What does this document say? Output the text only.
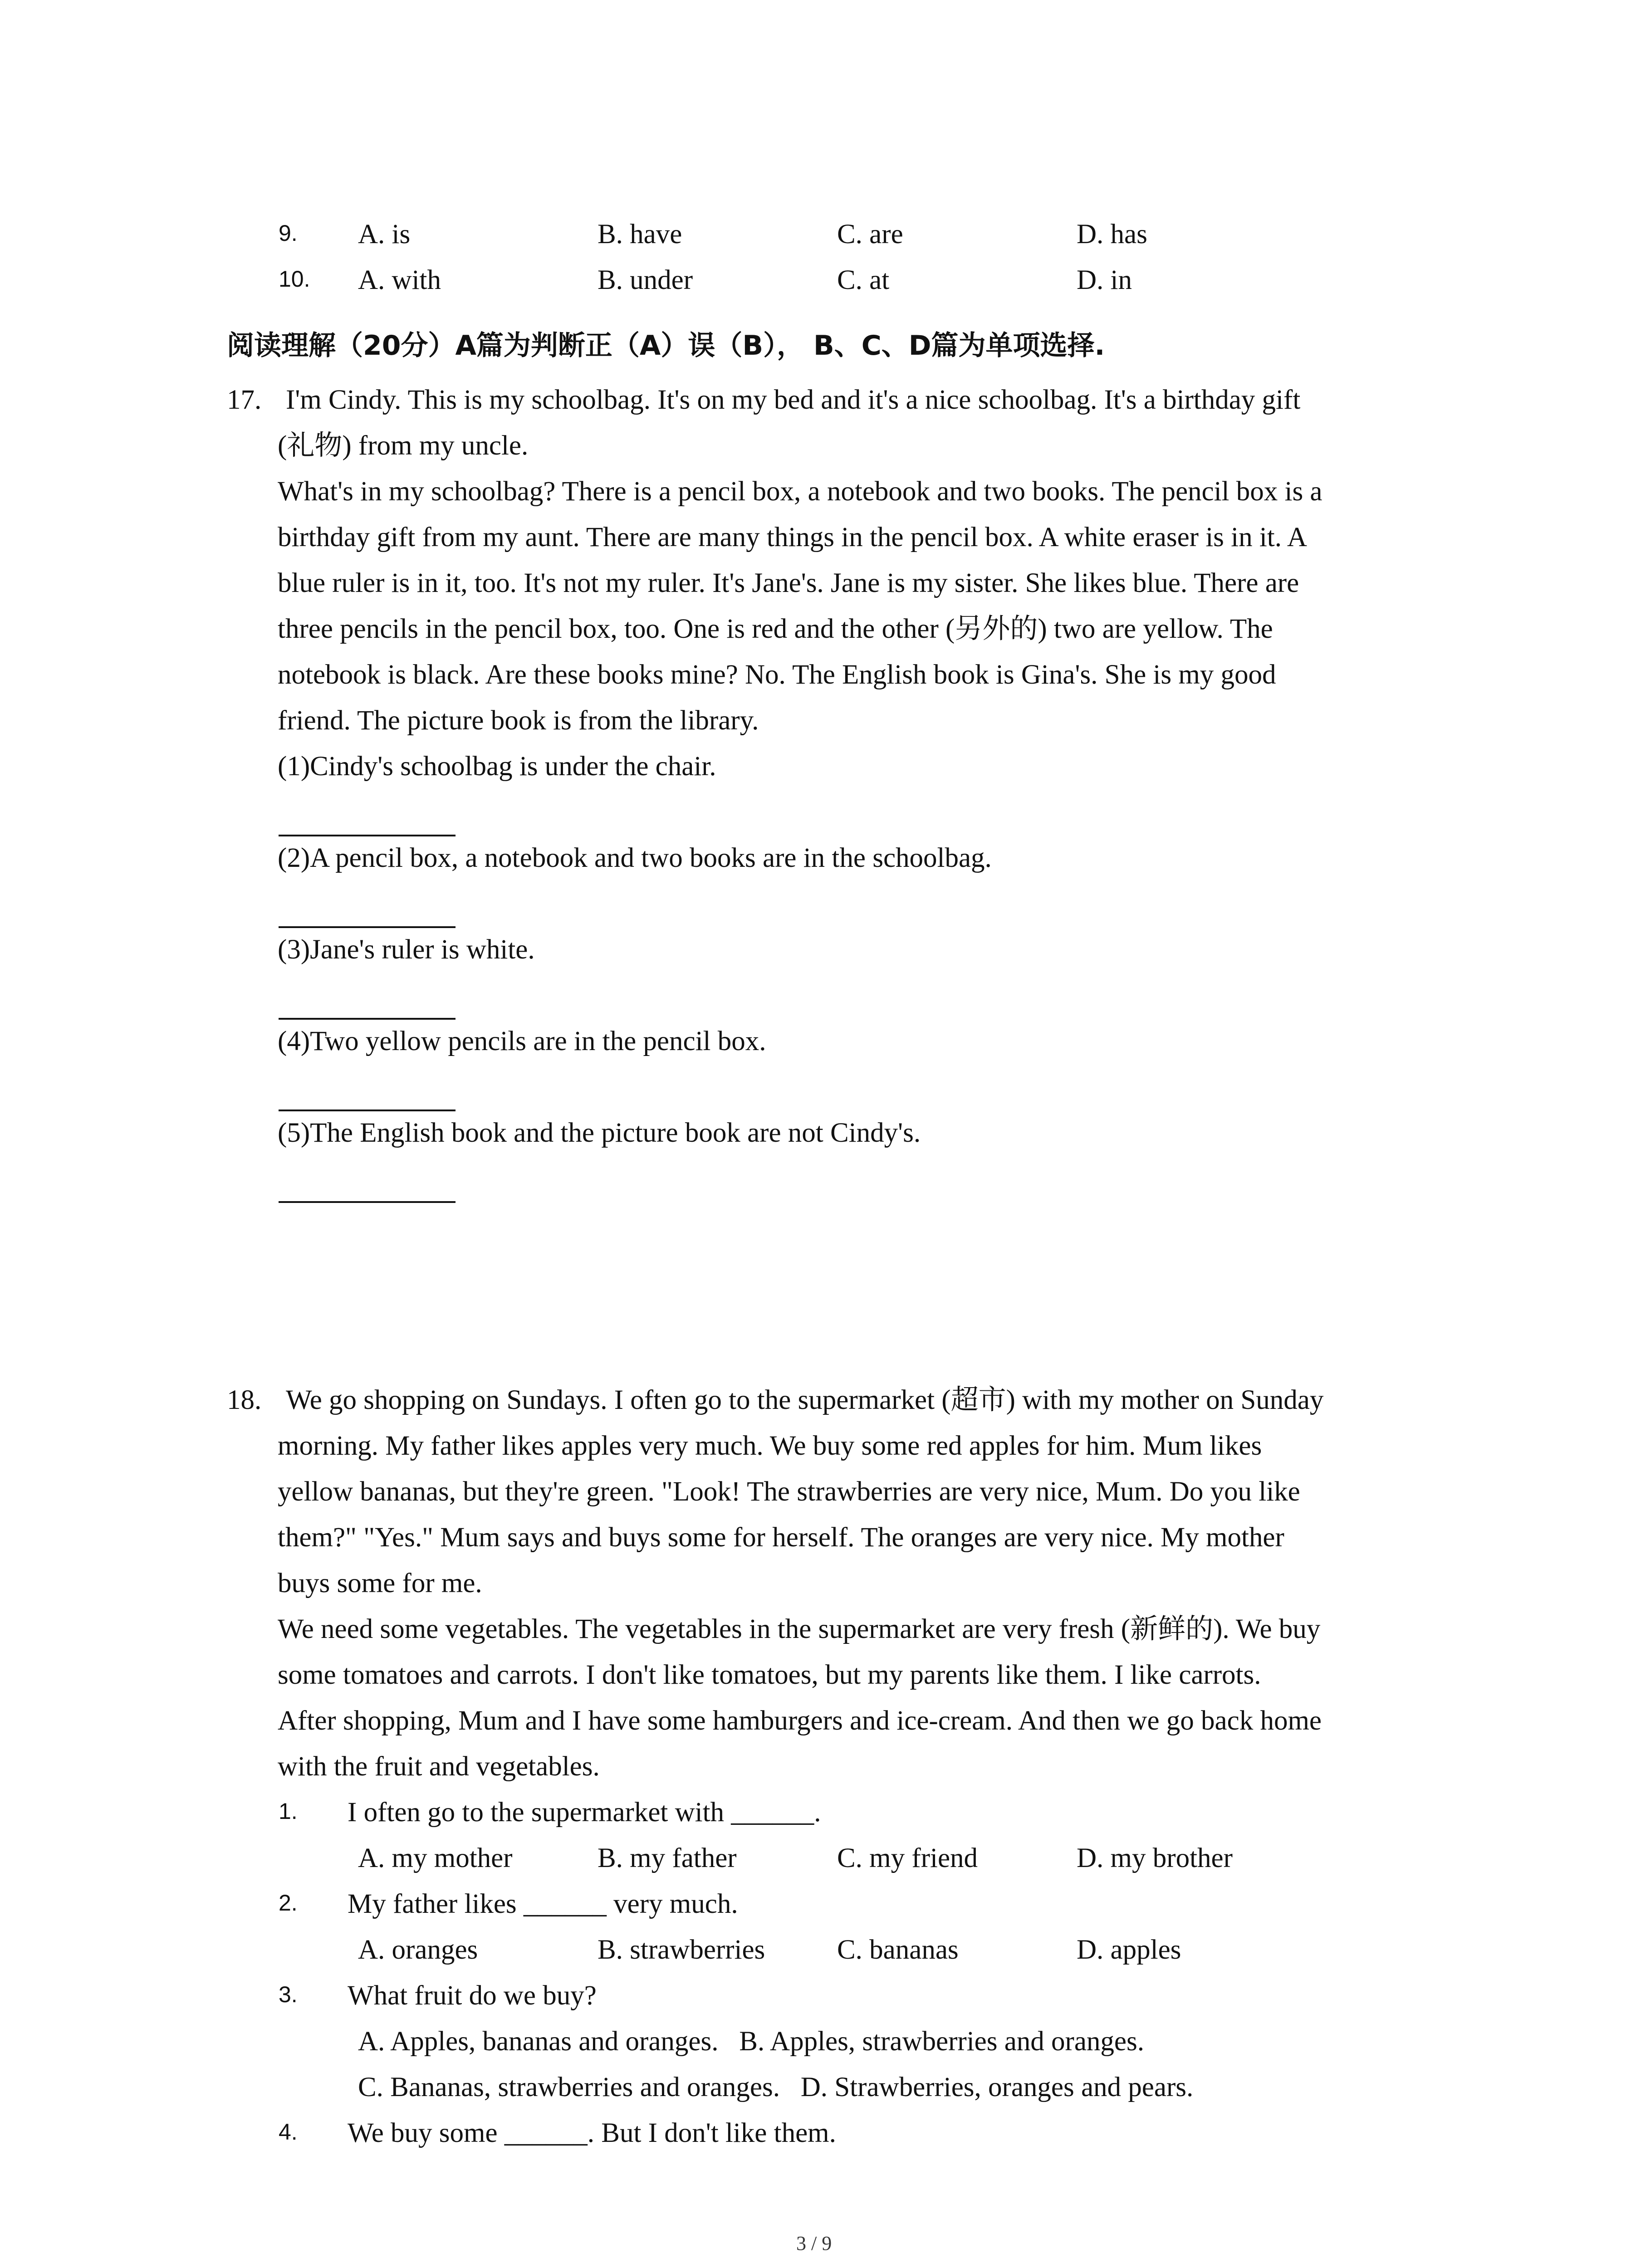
9. A. is	B. have	C. are	D. has
10. A. with	B. under	C. at	D. in
阅读理解（20分）A篇为判断正（A）误（B）， B、C、D篇为单项选择.
17. I'm Cindy. This is my schoolbag. It's on my bed and it's a nice schoolbag. It's a birthday gift
(礼物) from my uncle.
What's in my schoolbag? There is a pencil box, a notebook and two books. The pencil box is a
birthday gift from my aunt. There are many things in the pencil box. A white eraser is in it. A
blue ruler is in it, too. It's not my ruler. It's Jane's. Jane is my sister. She likes blue. There are
three pencils in the pencil box, too. One is red and the other (另外的) two are yellow. The
notebook is black. Are these books mine? No. The English book is Gina's. She is my good
friend. The picture book is from the library.
(1)Cindy's schoolbag is under the chair.
(2)A pencil box, a notebook and two books are in the schoolbag.
(3)Jane's ruler is white.
(4)Two yellow pencils are in the pencil box.
(5)The English book and the picture book are not Cindy's.
18. We go shopping on Sundays. I often go to the supermarket (超市) with my mother on Sunday
morning. My father likes apples very much. We buy some red apples for him. Mum likes
yellow bananas, but they're green. "Look! The strawberries are very nice, Mum. Do you like
them?" "Yes." Mum says and buys some for herself. The oranges are very nice. My mother
buys some for me.
We need some vegetables. The vegetables in the supermarket are very fresh (新鲜的). We buy
some tomatoes and carrots. I don't like tomatoes, but my parents like them. I like carrots.
After shopping, Mum and I have some hamburgers and ice-cream. And then we go back home
with the fruit and vegetables.
1. I often go to the supermarket with ______.
A. my mother	B. my father	C. my friend	D. my brother
2. My father likes ______ very much.
A. oranges	B. strawberries	C. bananas	D. apples
3. What fruit do we buy?
A. Apples, bananas and oranges.   B. Apples, strawberries and oranges.
C. Bananas, strawberries and oranges.   D. Strawberries, oranges and pears.
4. We buy some ______. But I don't like them.
3 / 9
